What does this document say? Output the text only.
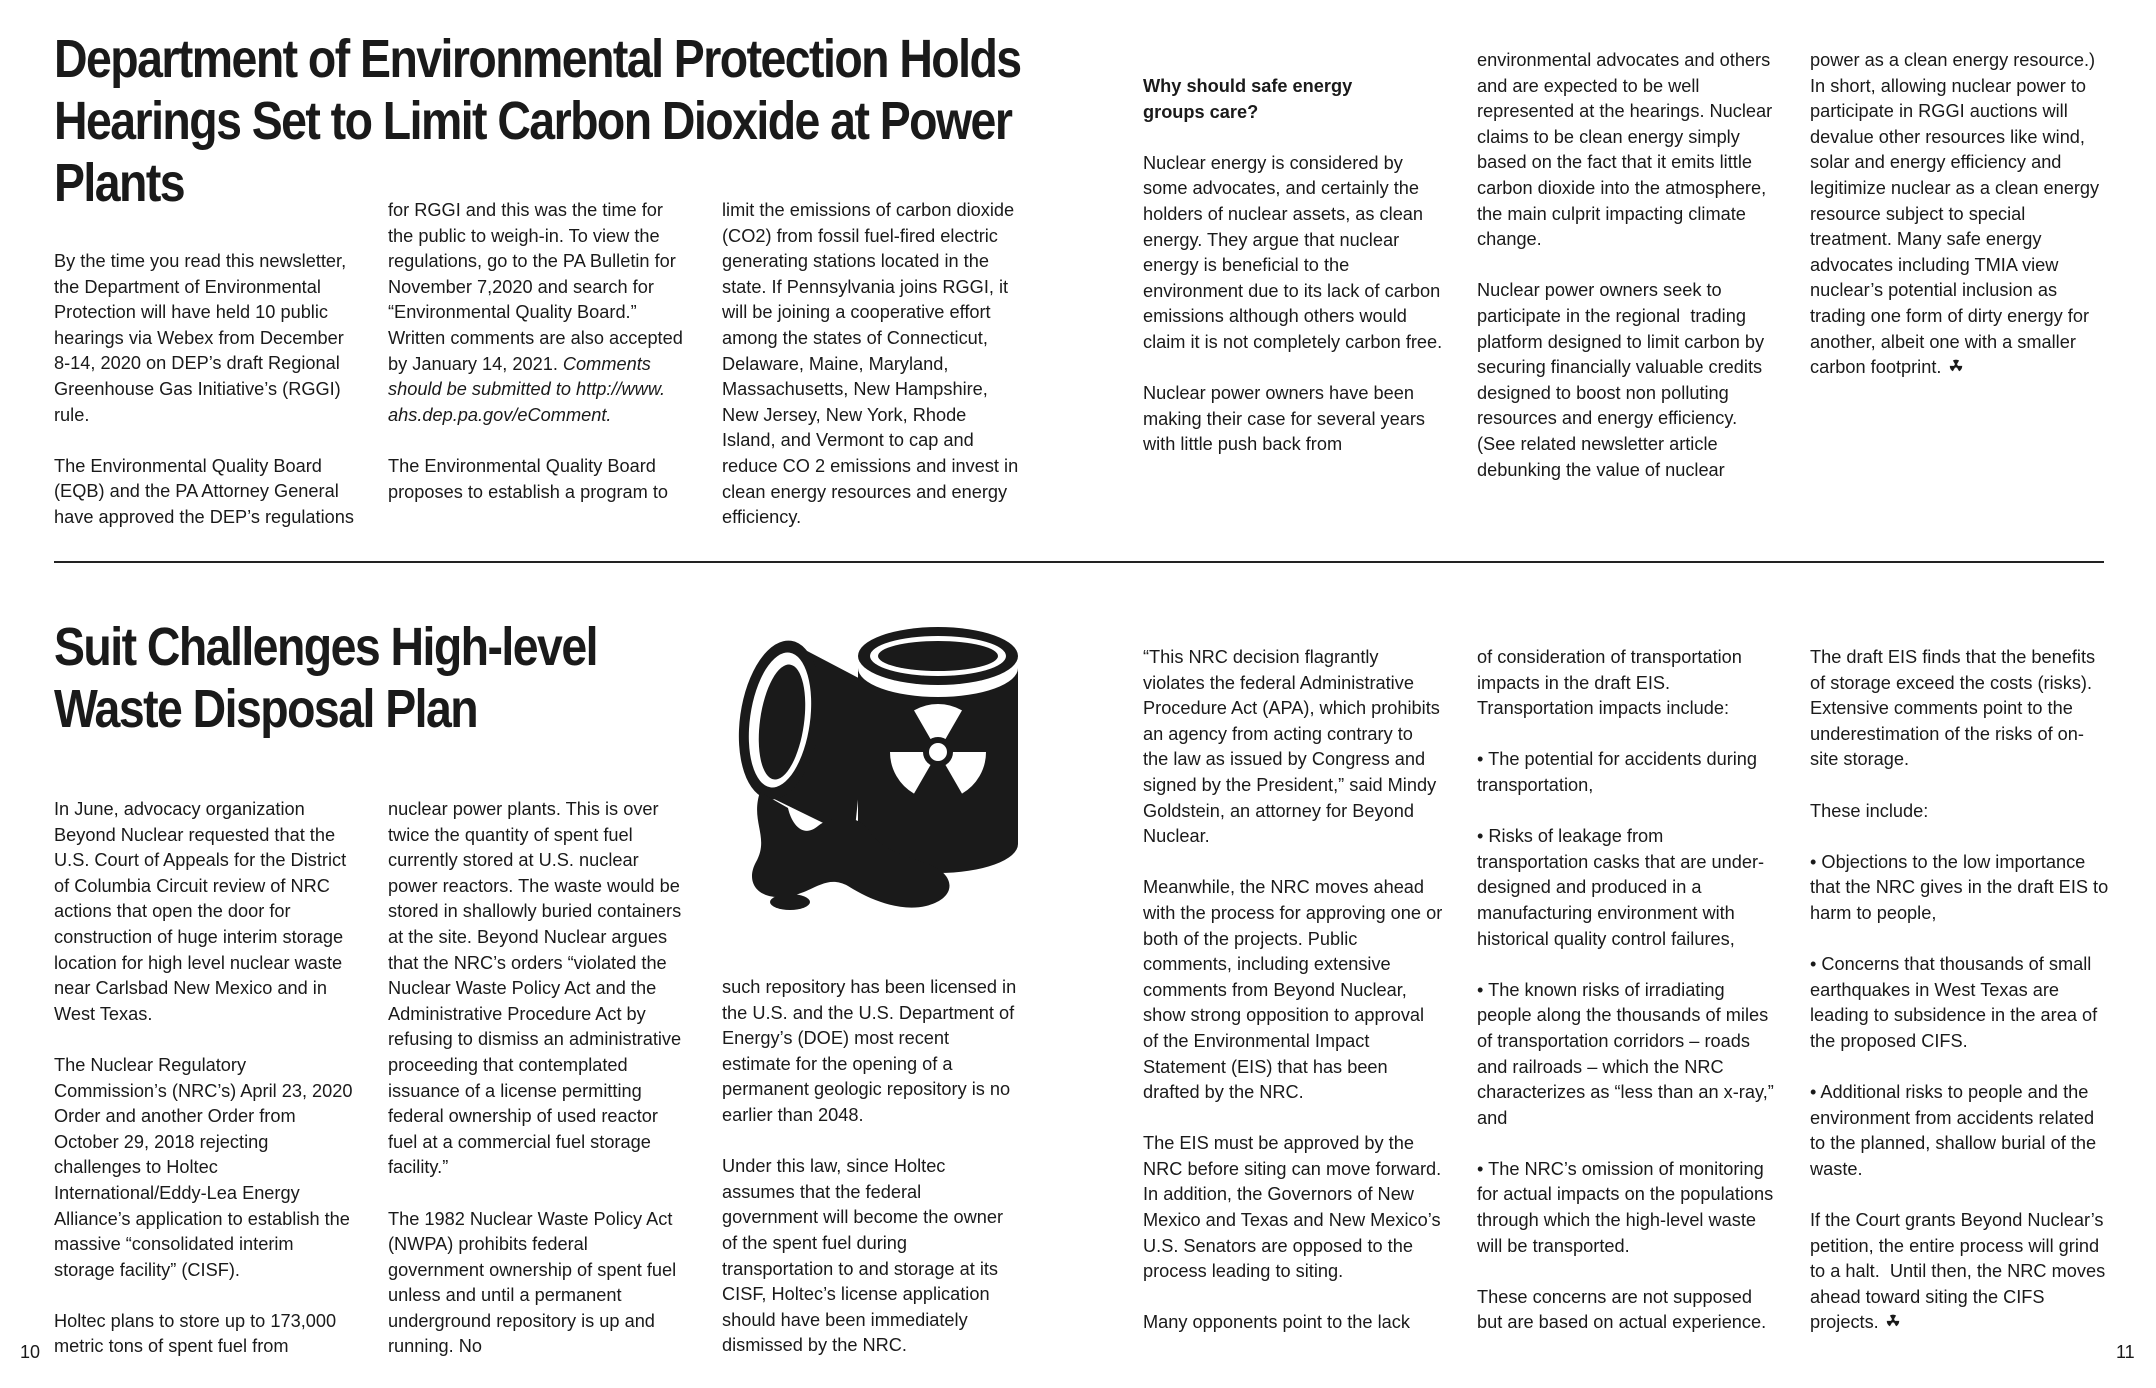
Department of Environmental Protection Holds Hearings Set to Limit Carbon Dioxide at Power Plants

By the time you read this newsletter, the Department of Environmental Protection will have held 10 public hearings via Webex from December 8-14, 2020 on DEP’s draft Regional Greenhouse Gas Initiative’s (RGGI) rule.

The Environmental Quality Board (EQB) and the PA Attorney General have approved the DEP’s regulations

for RGGI and this was the time for the public to weigh-in. To view the regulations, go to the PA Bulletin for November 7,2020 and search for “Environmental Quality Board.” Written comments are also accepted by January 14, 2021. Comments should be submitted to http://www. ahs.dep.pa.gov/eComment.

The Environmental Quality Board proposes to establish a program to

limit the emissions of carbon dioxide (CO2) from fossil fuel-fired electric generating stations located in the state. If Pennsylvania joins RGGI, it will be joining a cooperative effort among the states of Connecticut, Delaware, Maine, Maryland, Massachusetts, New Hampshire, New Jersey, New York, Rhode Island, and Vermont to cap and reduce CO 2 emissions and invest in clean energy resources and energy efficiency.

Why should safe energy groups care?

Nuclear energy is considered by some advocates, and certainly the holders of nuclear assets, as clean energy. They argue that nuclear energy is beneficial to the environment due to its lack of carbon emissions although others would claim it is not completely carbon free.

Nuclear power owners have been making their case for several years with little push back from

environmental advocates and others and are expected to be well represented at the hearings. Nuclear claims to be clean energy simply based on the fact that it emits little carbon dioxide into the atmosphere, the main culprit impacting climate change.

Nuclear power owners seek to participate in the regional  trading platform designed to limit carbon by securing financially valuable credits designed to boost non polluting resources and energy efficiency. (See related newsletter article debunking the value of nuclear

power as a clean energy resource.) In short, allowing nuclear power to participate in RGGI auctions will devalue other resources like wind, solar and energy efficiency and legitimize nuclear as a clean energy resource subject to special treatment. Many safe energy advocates including TMIA view nuclear’s potential inclusion as trading one form of dirty energy for another, albeit one with a smaller carbon footprint.

Suit Challenges High-level Waste Disposal Plan

In June, advocacy organization Beyond Nuclear requested that the U.S. Court of Appeals for the District of Columbia Circuit review of NRC actions that open the door for construction of huge interim storage location for high level nuclear waste near Carlsbad New Mexico and in West Texas.

The Nuclear Regulatory Commission’s (NRC’s) April 23, 2020 Order and another Order from October 29, 2018 rejecting challenges to Holtec International/Eddy-Lea Energy Alliance’s application to establish the massive “consolidated interim storage facility” (CISF).

Holtec plans to store up to 173,000 metric tons of spent fuel from

nuclear power plants. This is over twice the quantity of spent fuel currently stored at U.S. nuclear power reactors. The waste would be stored in shallowly buried containers at the site. Beyond Nuclear argues that the NRC’s orders “violated the Nuclear Waste Policy Act and the Administrative Procedure Act by refusing to dismiss an administrative proceeding that contemplated issuance of a license permitting federal ownership of used reactor fuel at a commercial fuel storage facility.”

The 1982 Nuclear Waste Policy Act (NWPA) prohibits federal government ownership of spent fuel unless and until a permanent underground repository is up and running. No

such repository has been licensed in the U.S. and the U.S. Department of Energy’s (DOE) most recent estimate for the opening of a permanent geologic repository is no earlier than 2048.

Under this law, since Holtec assumes that the federal government will become the owner of the spent fuel during transportation to and storage at its CISF, Holtec’s license application should have been immediately dismissed by the NRC.

“This NRC decision flagrantly violates the federal Administrative Procedure Act (APA), which prohibits an agency from acting contrary to the law as issued by Congress and signed by the President,” said Mindy Goldstein, an attorney for Beyond Nuclear.

Meanwhile, the NRC moves ahead with the process for approving one or both of the projects. Public comments, including extensive comments from Beyond Nuclear, show strong opposition to approval of the Environmental Impact Statement (EIS) that has been drafted by the NRC.

The EIS must be approved by the NRC before siting can move forward. In addition, the Governors of New Mexico and Texas and New Mexico’s U.S. Senators are opposed to the process leading to siting.

Many opponents point to the lack

of consideration of transportation impacts in the draft EIS. Transportation impacts include:

• The potential for accidents during transportation,

• Risks of leakage from transportation casks that are under-designed and produced in a manufacturing environment with historical quality control failures,

• The known risks of irradiating people along the thousands of miles of transportation corridors – roads and railroads – which the NRC characterizes as “less than an x-ray,” and

• The NRC’s omission of monitoring for actual impacts on the populations through which the high-level waste will be transported.

These concerns are not supposed but are based on actual experience.

The draft EIS finds that the benefits of storage exceed the costs (risks). Extensive comments point to the underestimation of the risks of on-site storage.

These include:

• Objections to the low importance that the NRC gives in the draft EIS to harm to people,

• Concerns that thousands of small earthquakes in West Texas are leading to subsidence in the area of the proposed CIFS.

• Additional risks to people and the environment from accidents related to the planned, shallow burial of the waste.

If the Court grants Beyond Nuclear’s petition, the entire process will grind to a halt.  Until then, the NRC moves ahead toward siting the CIFS projects.

10	11
